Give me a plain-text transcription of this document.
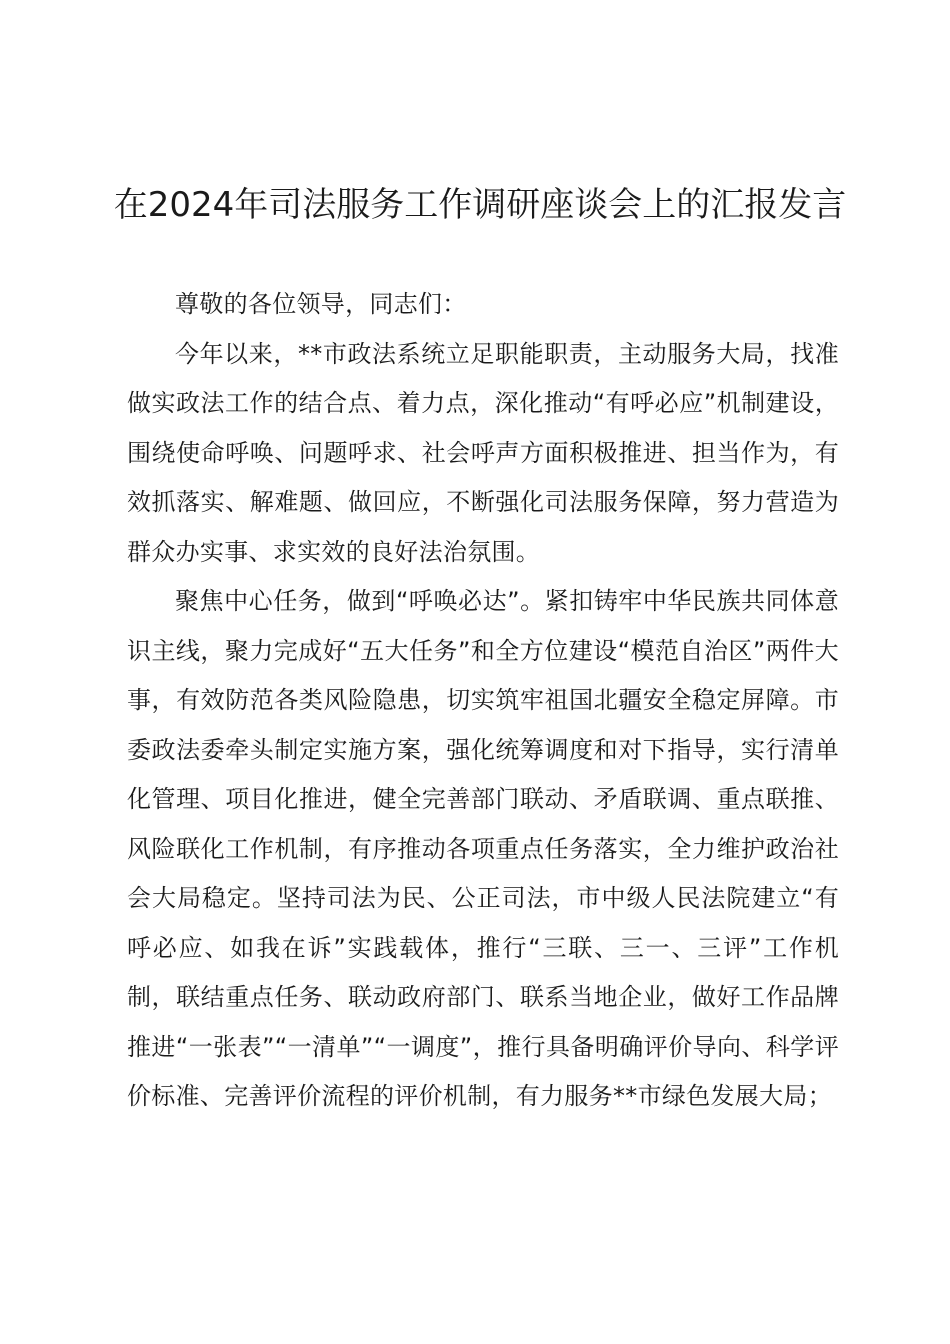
在2024年司法服务工作调研座谈会上的汇报发言

尊敬的各位领导，同志们：

今年以来，**市政法系统立足职能职责，主动服务大局，找准做实政法工作的结合点、着力点，深化推动“有呼必应”机制建设，围绕使命呼唤、问题呼求、社会呼声方面积极推进、担当作为，有效抓落实、解难题、做回应，不断强化司法服务保障，努力营造为群众办实事、求实效的良好法治氛围。

聚焦中心任务，做到“呼唤必达”。紧扣铸牢中华民族共同体意识主线，聚力完成好“五大任务”和全方位建设“模范自治区”两件大事，有效防范各类风险隐患，切实筑牢祖国北疆安全稳定屏障。市委政法委牵头制定实施方案，强化统筹调度和对下指导，实行清单化管理、项目化推进，健全完善部门联动、矛盾联调、重点联推、风险联化工作机制，有序推动各项重点任务落实，全力维护政治社会大局稳定。坚持司法为民、公正司法，市中级人民法院建立“有呼必应、如我在诉”实践载体，推行“三联、三一、三评”工作机制，联结重点任务、联动政府部门、联系当地企业，做好工作品牌推进“一张表”“一清单”“一调度”，推行具备明确评价导向、科学评价标准、完善评价流程的评价机制，有力服务**市绿色发展大局；
